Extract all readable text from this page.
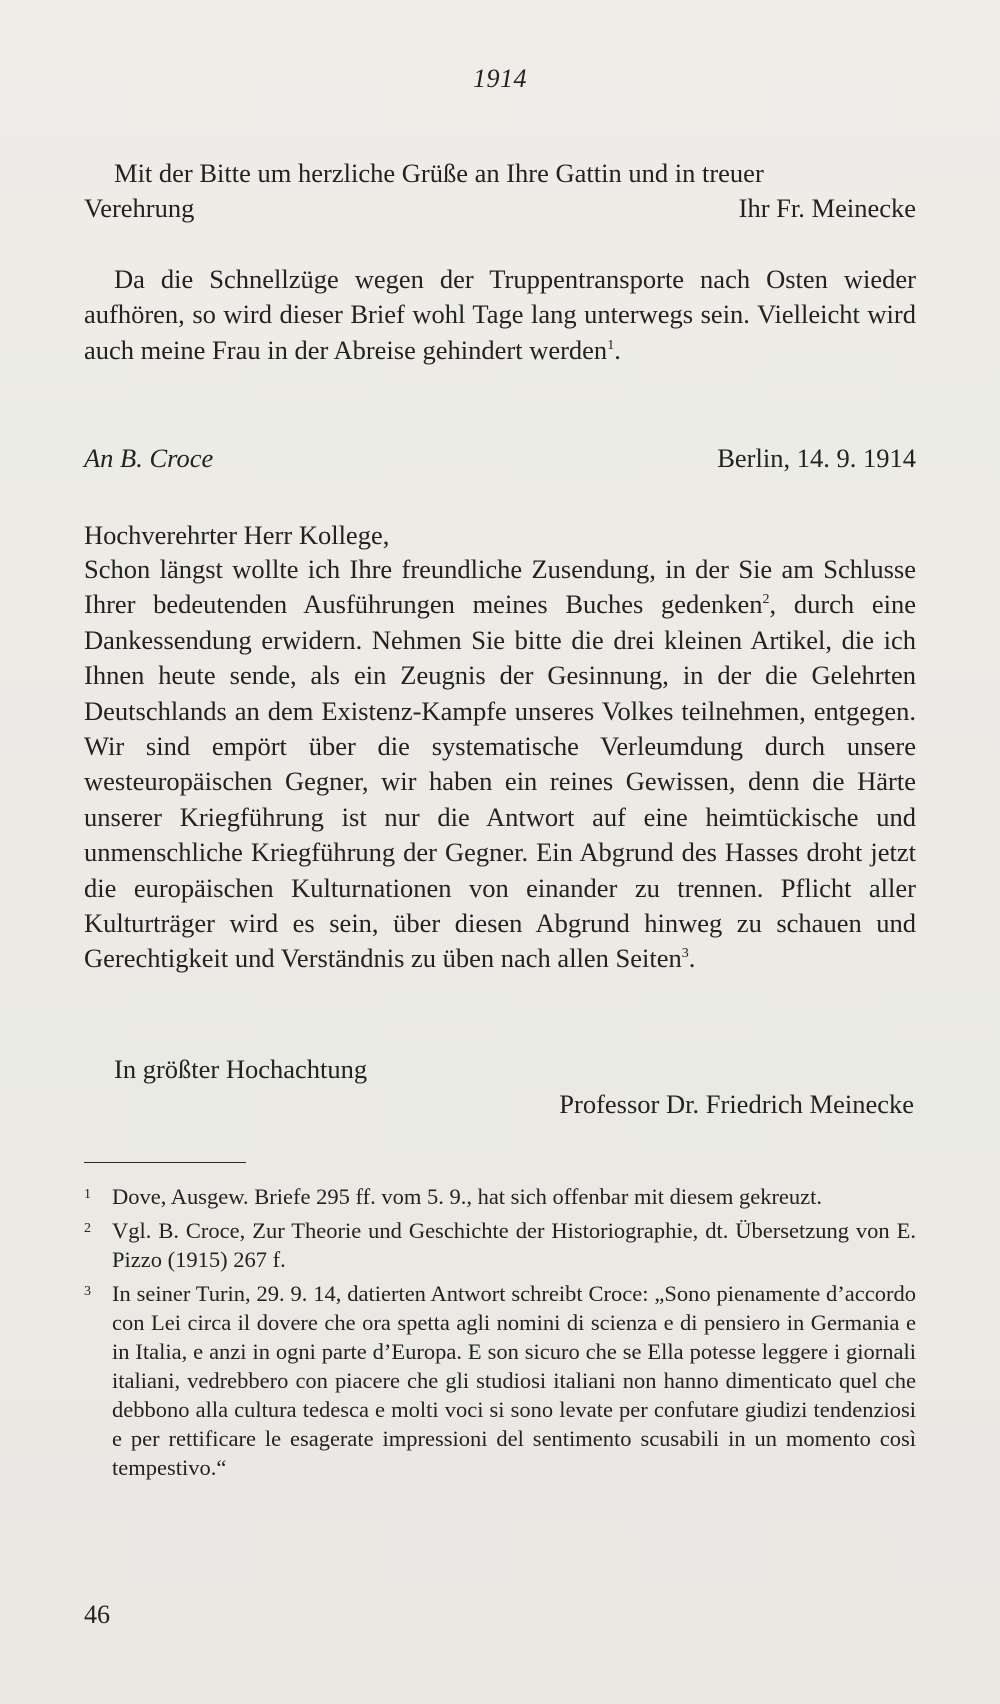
1914

Mit der Bitte um herzliche Grüße an Ihre Gattin und in treuer

Verehrung	Ihr Fr. Meinecke

Da die Schnellzüge wegen der Truppentransporte nach Osten wieder aufhören, so wird dieser Brief wohl Tage lang unterwegs sein. Vielleicht wird auch meine Frau in der Abreise gehindert werden$^1$.

An B. Croce	Berlin, 14. 9. 1914
Hochverehrter Herr Kollege,

Schon längst wollte ich Ihre freundliche Zusendung, in der Sie am Schlusse Ihrer bedeutenden Ausführungen meines Buches gedenken$^2$, durch eine Dankessendung erwidern. Nehmen Sie bitte die drei kleinen Artikel, die ich Ihnen heute sende, als ein Zeugnis der Gesinnung, in der die Gelehrten Deutschlands an dem Existenz-Kampfe unseres Volkes teilnehmen, entgegen. Wir sind empört über die systematische Verleumdung durch unsere westeuropäischen Gegner, wir haben ein reines Gewissen, denn die Härte unserer Kriegführung ist nur die Antwort auf eine heimtückische und unmenschliche Kriegführung der Gegner. Ein Abgrund des Hasses droht jetzt die europäischen Kulturnationen von einander zu trennen. Pflicht aller Kulturträger wird es sein, über diesen Abgrund hinweg zu schauen und Gerechtigkeit und Verständnis zu üben nach allen Seiten$^3$.

In größter Hochachtung
Professor Dr. Friedrich Meinecke

1 Dove, Ausgew. Briefe 295 ff. vom 5. 9., hat sich offenbar mit diesem gekreuzt.

2 Vgl. B. Croce, Zur Theorie und Geschichte der Historiographie, dt. Übersetzung von E. Pizzo (1915) 267 f.

3 In seiner Turin, 29. 9. 14, datierten Antwort schreibt Croce: „Sono pienamente d’accordo con Lei circa il dovere che ora spetta agli nomini di scienza e di pensiero in Germania e in Italia, e anzi in ogni parte d’Europa. E son sicuro che se Ella potesse leggere i giornali italiani, vedrebbero con piacere che gli studiosi italiani non hanno dimenticato quel che debbono alla cultura tedesca e molti voci si sono levate per confutare giudizi tendenziosi e per rettificare le esagerate impressioni del sentimento scusabili in un momento così tempestivo.“

46
